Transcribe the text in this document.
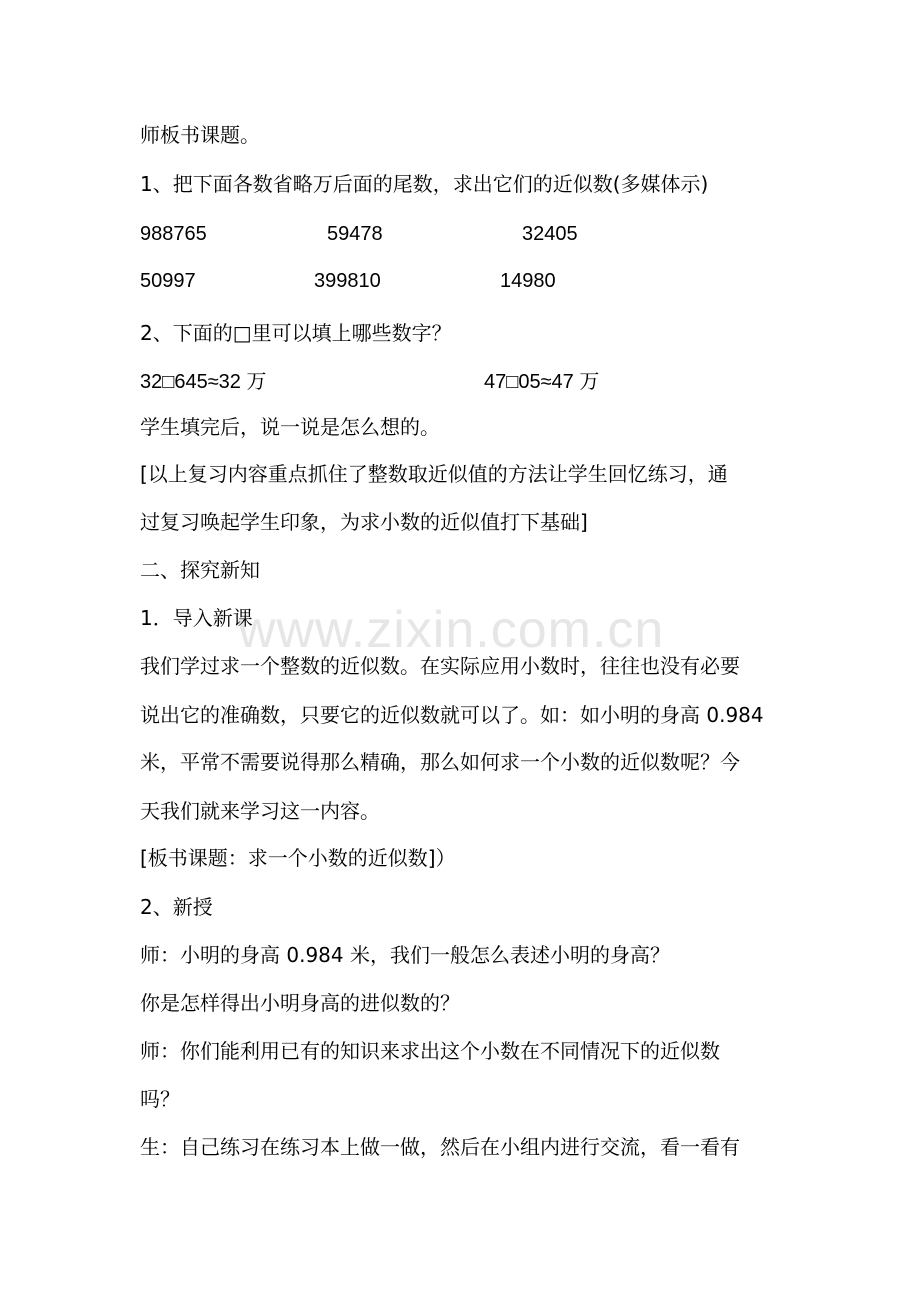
www.zixin.com.cn
师板书课题。
1、把下面各数省略万后面的尾数，求出它们的近似数(多媒体示)
988765	59478	32405
50997	399810	14980
2、下面的□里可以填上哪些数字？
32□645≈32 万	47□05≈47 万
学生填完后，说一说是怎么想的。
[以上复习内容重点抓住了整数取近似值的方法让学生回忆练习，通
过复习唤起学生印象，为求小数的近似值打下基础]
二、探究新知
1．导入新课
我们学过求一个整数的近似数。在实际应用小数时，往往也没有必要
说出它的准确数，只要它的近似数就可以了。如：如小明的身高 0.984
米，平常不需要说得那么精确，那么如何求一个小数的近似数呢？今
天我们就来学习这一内容。
[板书课题：求一个小数的近似数]）
2、新授
师：小明的身高 0.984 米，我们一般怎么表述小明的身高？
你是怎样得出小明身高的进似数的？
师：你们能利用已有的知识来求出这个小数在不同情况下的近似数
吗？
生：自己练习在练习本上做一做，然后在小组内进行交流，看一看有
